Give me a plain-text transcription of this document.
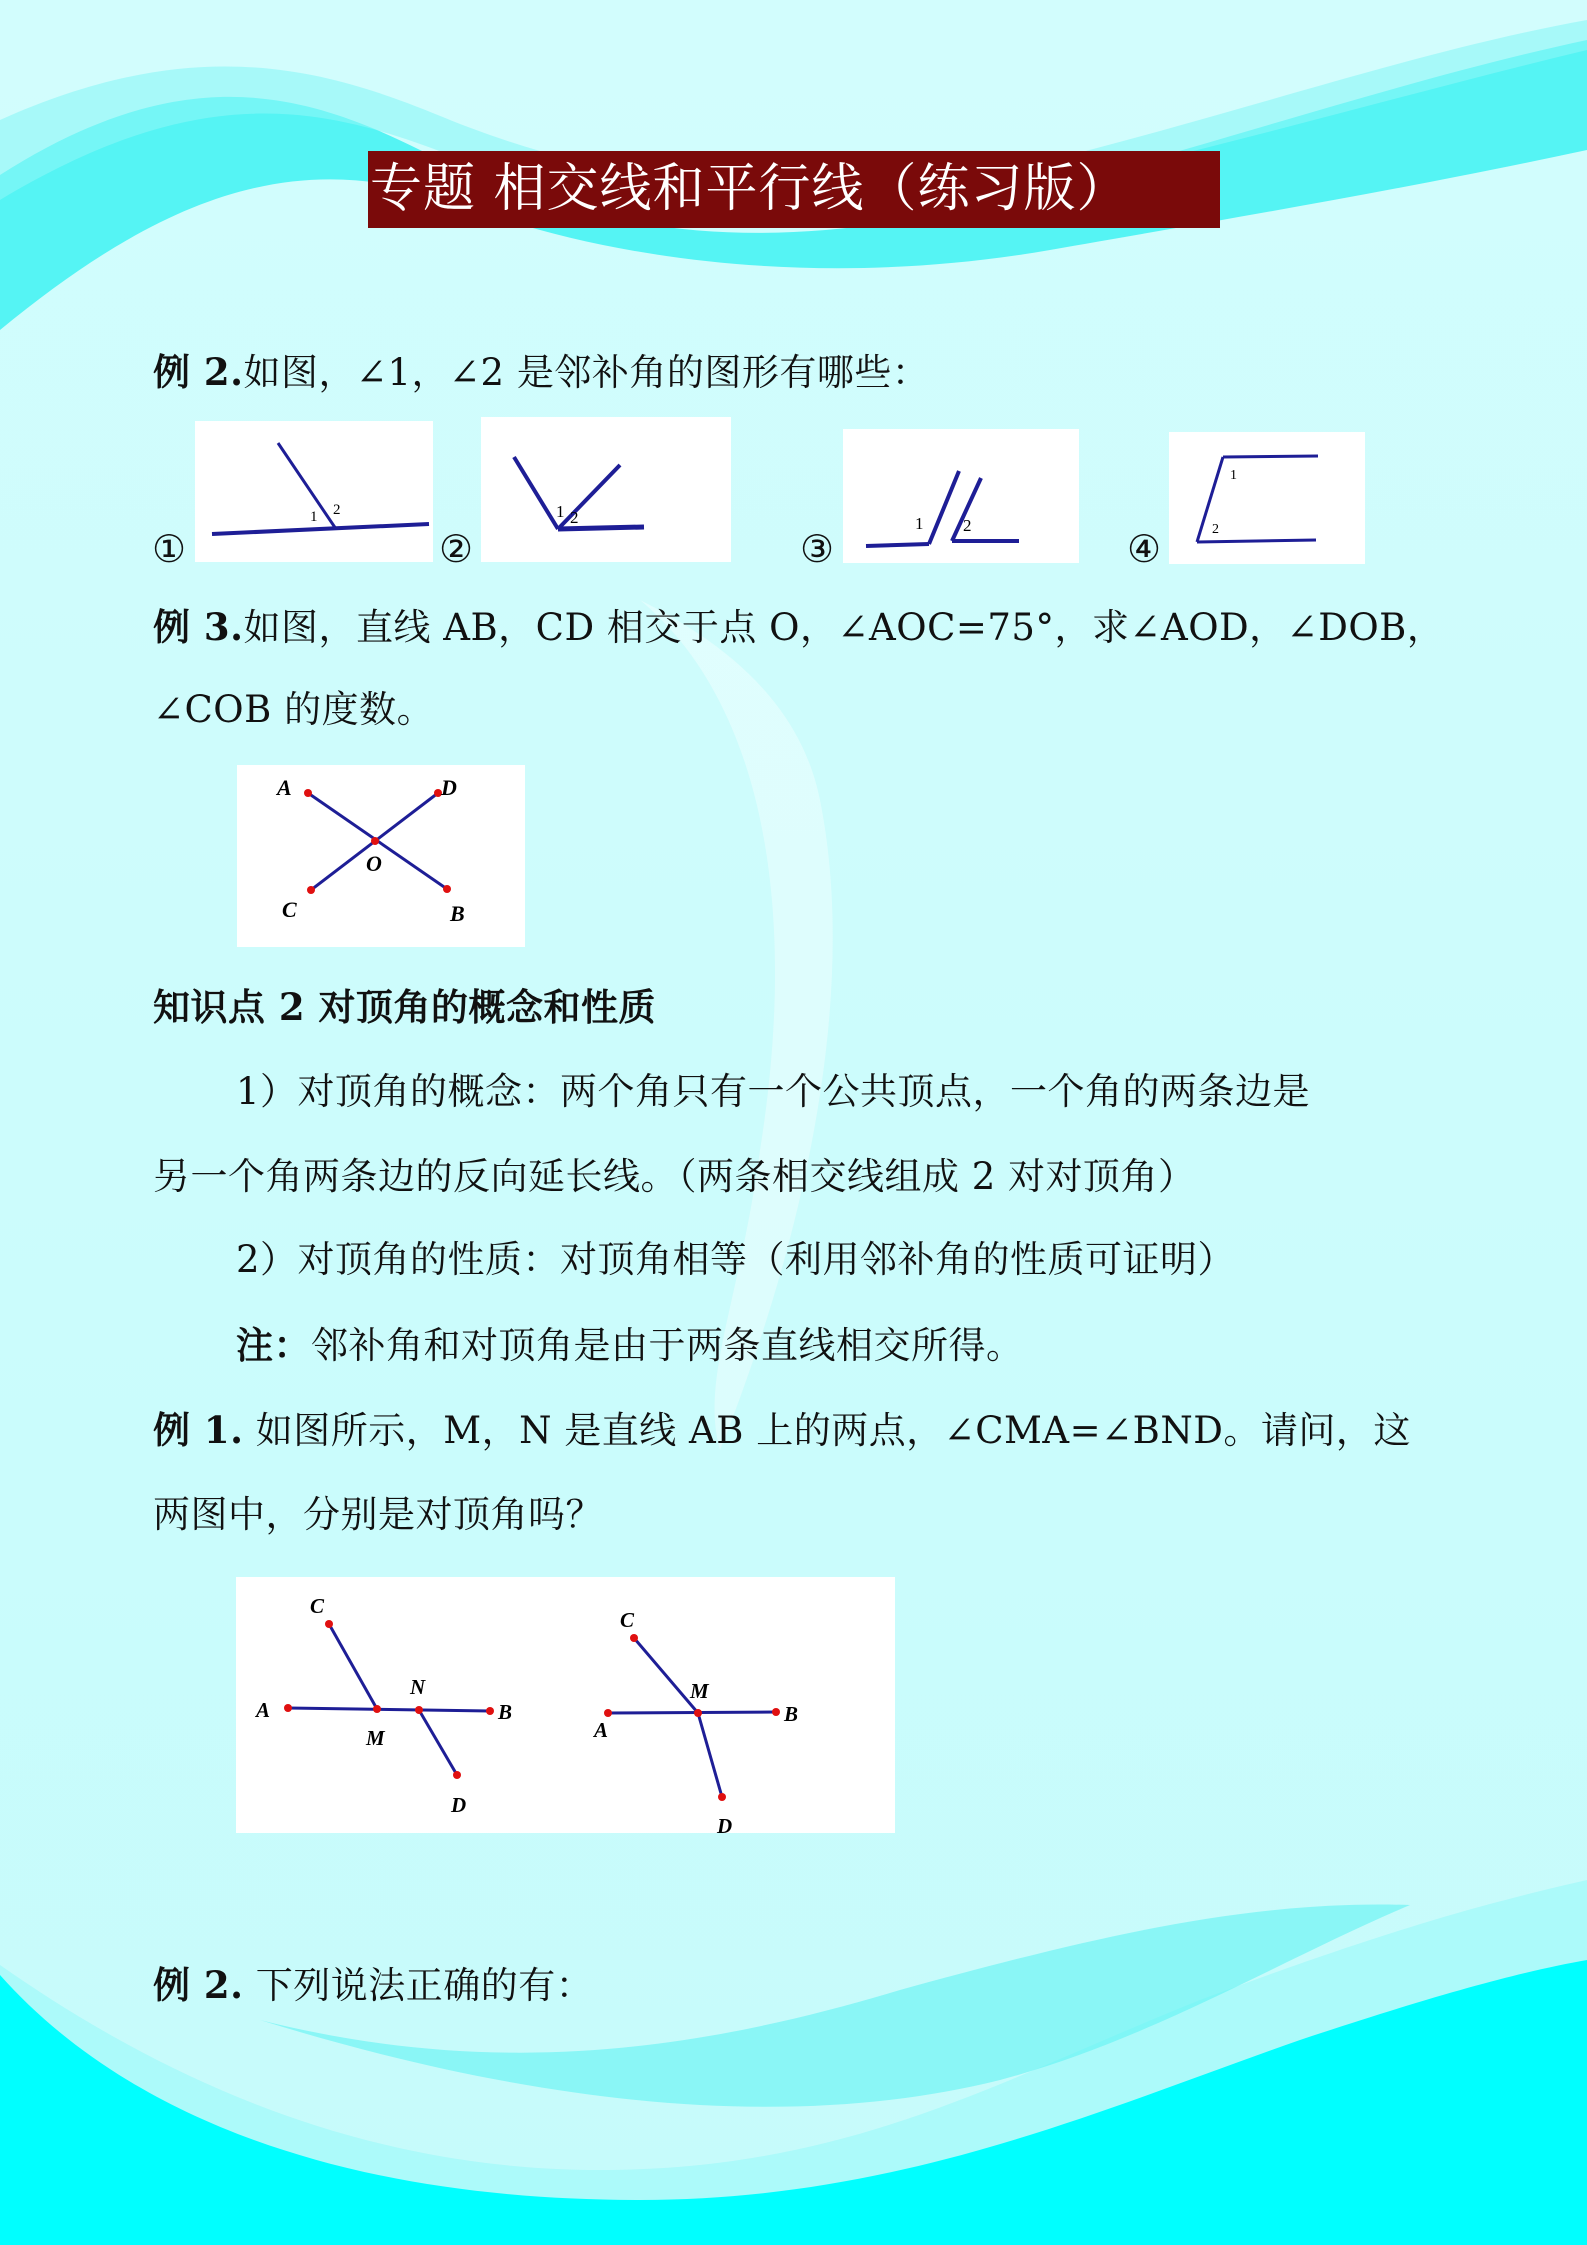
专题 相交线和平行线（练习版）
例 2.如图，∠1，∠2 是邻补角的图形有哪些：
①
1 2
②
1 2
③
1 2
④
1
2
例 3.如图，直线 AB，CD 相交于点 O，∠AOC=75°，求∠AOD，∠DOB，
∠COB 的度数。
A	D
O
C	B
知识点 2 对顶角的概念和性质
1）对顶角的概念：两个角只有一个公共顶点，一个角的两条边是
另一个角两条边的反向延长线。（两条相交线组成 2 对对顶角）
2）对顶角的性质：对顶角相等（利用邻补角的性质可证明）
注：邻补角和对顶角是由于两条直线相交所得。
例 1. 如图所示，M，N 是直线 AB 上的两点，∠CMA=∠BND。请问，这
两图中，分别是对顶角吗？
C
A
M
N
B
D
C
A
M
B
D
例 2. 下列说法正确的有：
